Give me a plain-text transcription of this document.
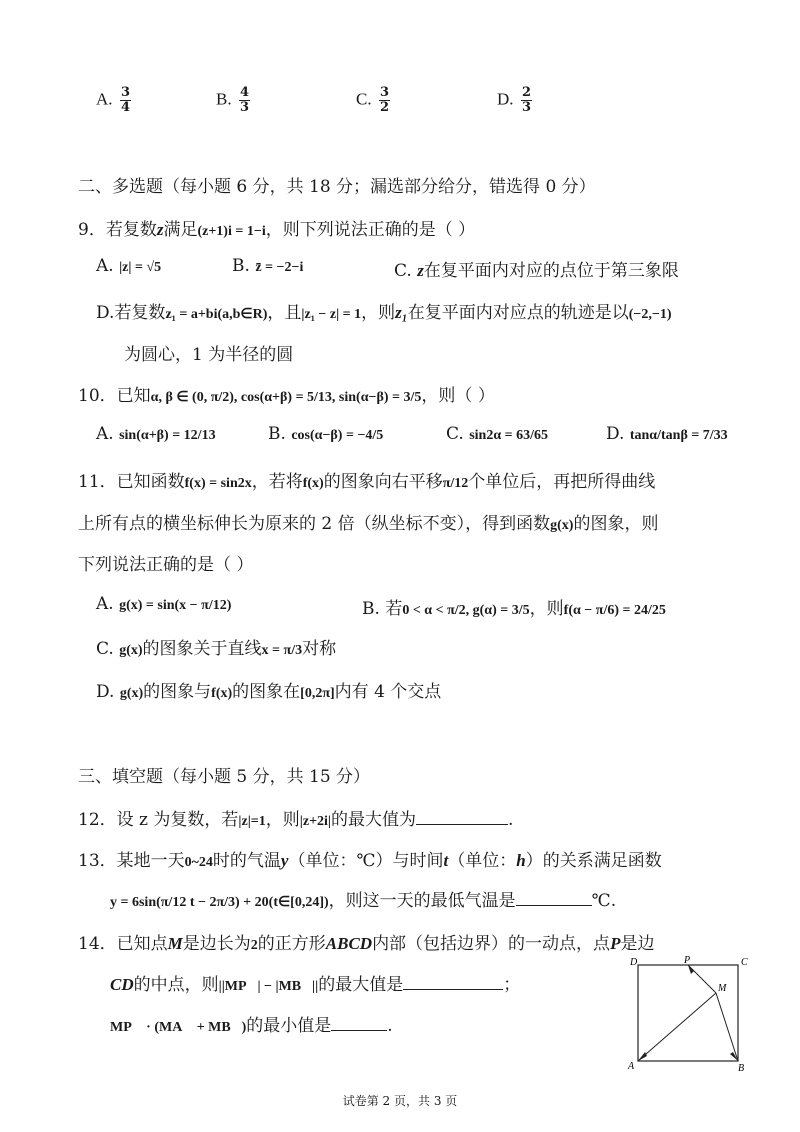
A. $\frac{3}{4}$	B. $\frac{4}{3}$	C. $\frac{3}{2}$	D. $\frac{2}{3}$
二、多选题（每小题 6 分，共 18 分；漏选部分给分，错选得 0 分）
9．若复数z满足(z+1)i = 1−i，则下列说法正确的是（ ）
A. |z| = √5	B. z̄ = −2−i	C. z在复平面内对应的点位于第三象限
D.若复数z₁ = a+bi(a,b∈R)，且|z₁ − z| = 1，则z₁在复平面内对应点的轨迹是以(−2,−1)
为圆心，1 为半径的圆
10．已知α, β ∈ (0, π/2), cos(α+β) = 5/13, sin(α−β) = 3/5，则（ ）
A. sin(α+β) = 12/13	B. cos(α−β) = −4/5	C. sin2α = 63/65	D. tanα/tanβ = 7/33
11．已知函数f(x) = sin2x，若将f(x)的图象向右平移π/12个单位后，再把所得曲线
上所有点的横坐标伸长为原来的 2 倍（纵坐标不变），得到函数g(x)的图象，则
下列说法正确的是（ ）
A. g(x) = sin(x − π/12)	B. 若0 < α < π/2, g(α) = 3/5，则f(α − π/6) = 24/25
C. g(x)的图象关于直线x = π/3对称
D. g(x)的图象与f(x)的图象在[0,2π]内有 4 个交点
三、填空题（每小题 5 分，共 15 分）
12．设 z 为复数，若|z|=1，则|z+2i|的最大值为	.
13．某地一天0~24时的气温y（单位：℃）与时间t（单位：h）的关系满足函数
y = 6sin(π/12 t − 2π/3) + 20(t∈[0,24])，则这一天的最低气温是	℃.
14．已知点M是边长为2的正方形ABCD内部（包括边界）的一动点，点P是边
CD的中点，则||MP⃗| − |MB⃗||的最大值是	；
MP⃗ · (MA⃗ + MB⃗)的最小值是	.
D	P	C
M
A	B
试卷第 2 页，共 3 页
